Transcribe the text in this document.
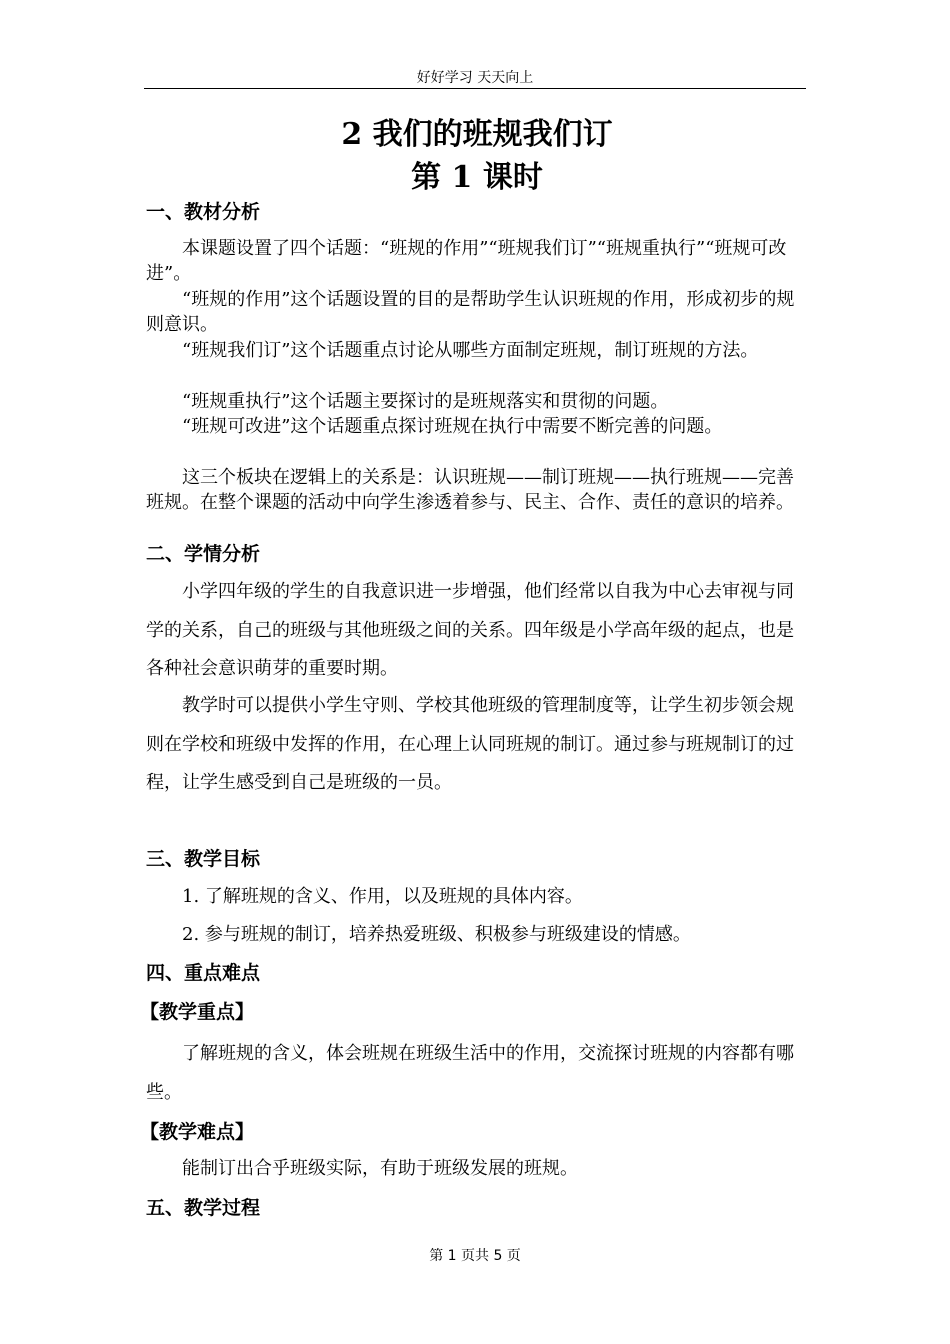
好好学习 天天向上
2 我们的班规我们订
第 1 课时
一、教材分析
本课题设置了四个话题：“班规的作用”“班规我们订”“班规重执行”“班规可改进”。
“班规的作用”这个话题设置的目的是帮助学生认识班规的作用，形成初步的规则意识。
“班规我们订”这个话题重点讨论从哪些方面制定班规，制订班规的方法。
“班规重执行”这个话题主要探讨的是班规落实和贯彻的问题。
“班规可改进”这个话题重点探讨班规在执行中需要不断完善的问题。
这三个板块在逻辑上的关系是：认识班规——制订班规——执行班规——完善班规。在整个课题的活动中向学生渗透着参与、民主、合作、责任的意识的培养。
二、学情分析
小学四年级的学生的自我意识进一步增强，他们经常以自我为中心去审视与同学的关系，自己的班级与其他班级之间的关系。四年级是小学高年级的起点，也是各种社会意识萌芽的重要时期。
教学时可以提供小学生守则、学校其他班级的管理制度等，让学生初步领会规则在学校和班级中发挥的作用，在心理上认同班规的制订。通过参与班规制订的过程，让学生感受到自己是班级的一员。
三、教学目标
1. 了解班规的含义、作用，以及班规的具体内容。
2. 参与班规的制订，培养热爱班级、积极参与班级建设的情感。
四、重点难点
【教学重点】
了解班规的含义，体会班规在班级生活中的作用，交流探讨班规的内容都有哪些。
【教学难点】
能制订出合乎班级实际，有助于班级发展的班规。
五、教学过程
第 1 页共 5 页
